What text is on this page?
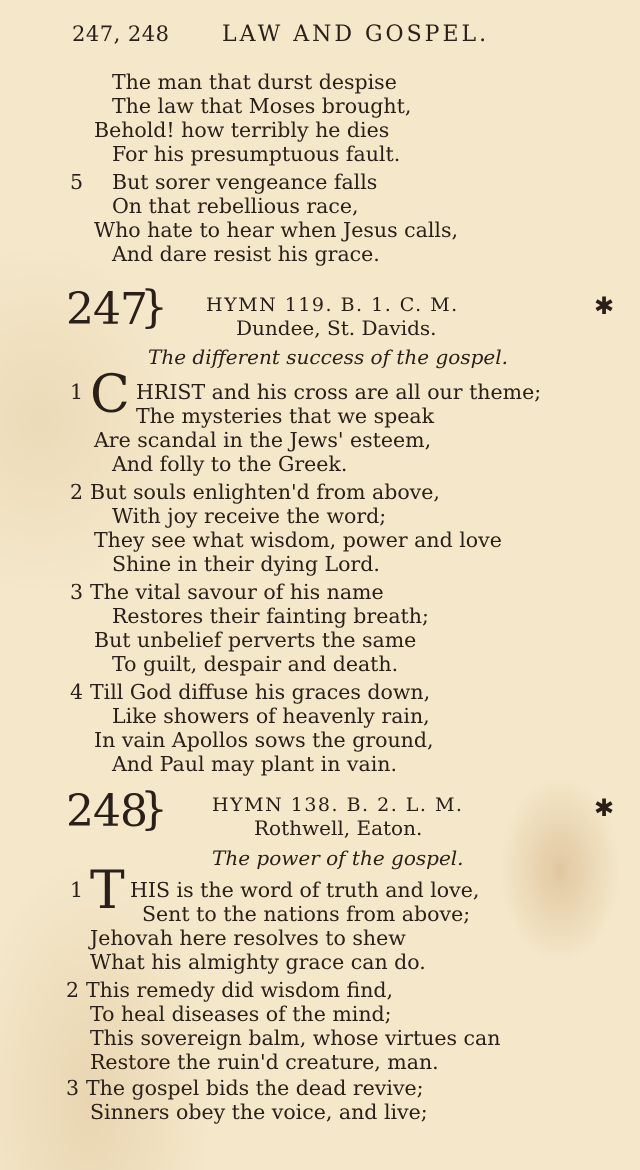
247, 248 LAW AND GOSPEL.
The man that durst despise
The law that Moses brought,
Behold! how terribly he dies
For his presumptuous fault.
5 But sorer vengeance falls
On that rebellious race,
Who hate to hear when Jesus calls,
And dare resist his grace.
247
} HYMN 119. B. 1. C. M.	✱
Dundee, St. Davids.
The different success of the gospel.
1 C HRIST and his cross are all our theme;
The mysteries that we speak
Are scandal in the Jews' esteem,
And folly to the Greek.
2 But souls enlighten'd from above,
With joy receive the word;
They see what wisdom, power and love
Shine in their dying Lord.
3 The vital savour of his name
Restores their fainting breath;
But unbelief perverts the same
To guilt, despair and death.
4 Till God diffuse his graces down,
Like showers of heavenly rain,
In vain Apollos sows the ground,
And Paul may plant in vain.
248
} HYMN 138. B. 2. L. M.	✱
Rothwell, Eaton.
The power of the gospel.
1 T HIS is the word of truth and love,
Sent to the nations from above;
Jehovah here resolves to shew
What his almighty grace can do.
2 This remedy did wisdom find,
To heal diseases of the mind;
This sovereign balm, whose virtues can
Restore the ruin'd creature, man.
3 The gospel bids the dead revive;
Sinners obey the voice, and live;
